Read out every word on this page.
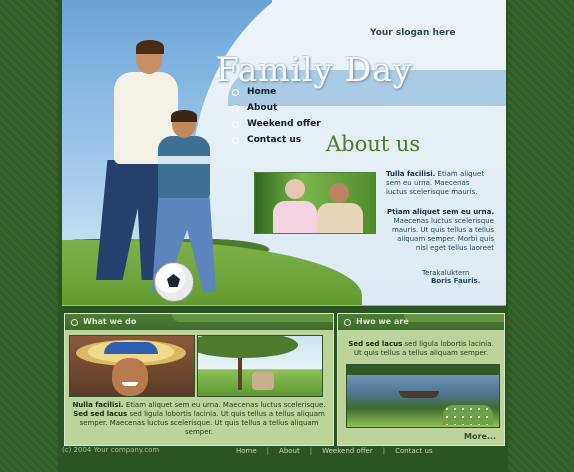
Your slogan here
Family Day
Home
About
Weekend offer
Contact us About us
Tulla facilisi. Etiam aliquet sem eu urna. Maecenas luctus scelerisque mauris.
Ptiam aliquet sem eu urna. Maecenas luctus scelerisque mauris. Ut quis tellus a tellus aliquam semper. Morbi quis nisl eget tellus laoreet
Terakaluktern
Boris Fauris.
What we do
Nulla facilisi. Etiam aliquet sem eu urna. Maecenas luctus scelerisque.
Sed sed lacus sed ligula lobortis lacinia. Ut quis tellus a tellus aliquam semper. Maecenas luctus scelerisque. Ut quis tellus a tellus aliquam semper.
Hwo we are
Sed sed lacus sed ligula lobortis lacinia. Ut quis tellus a tellus aliquam semper.
More...
(c) 2004 Your company.com	Home | About | Weekend offer | Contact us
